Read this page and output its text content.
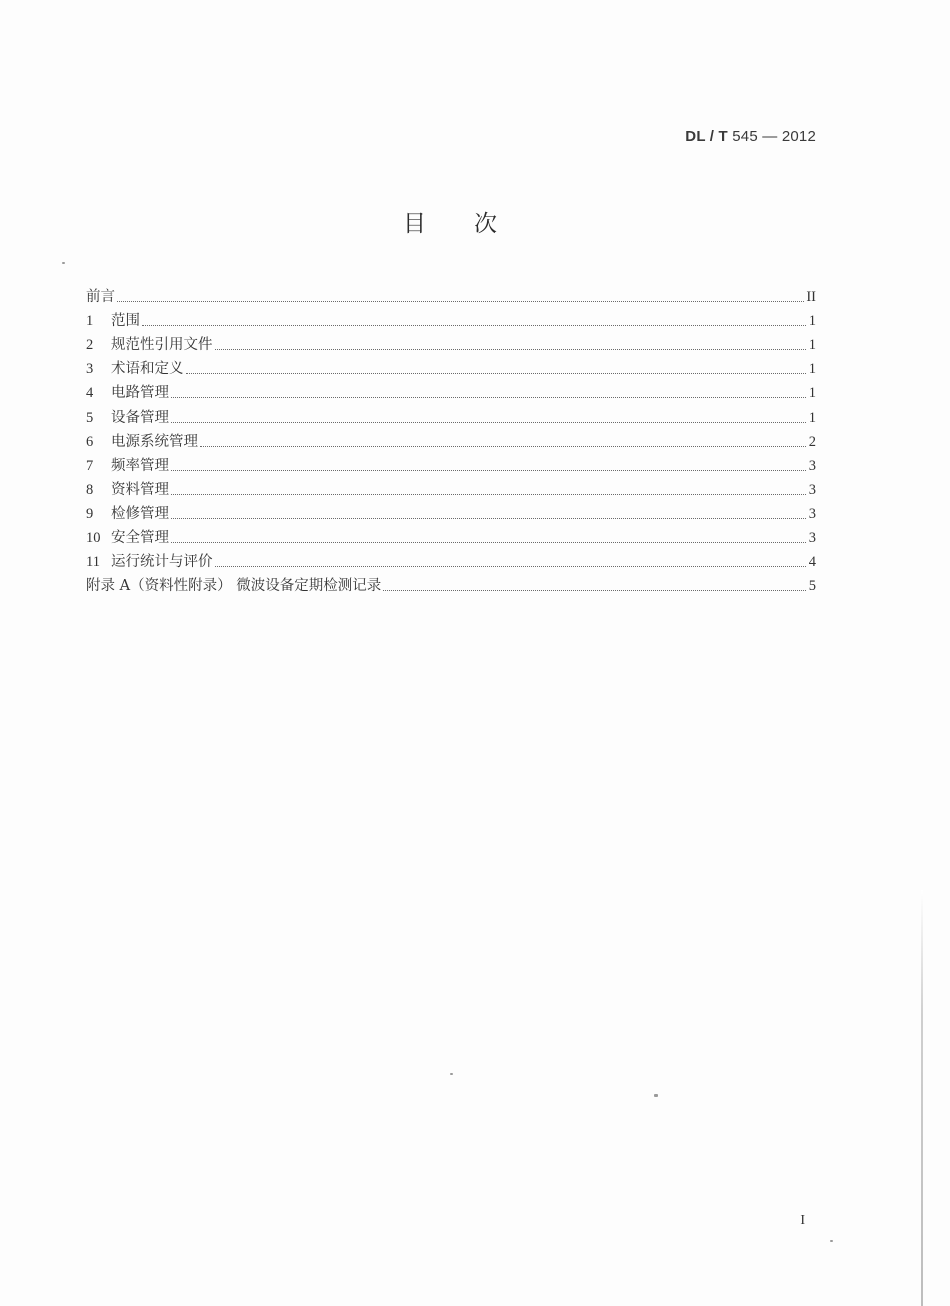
DL / T 545 — 2012
目次
前言	II
1	范围	1
2	规范性引用文件	1
3	术语和定义	1
4	电路管理	1
5	设备管理	1
6	电源系统管理	2
7	频率管理	3
8	资料管理	3
9	检修管理	3
10 安全管理	3
11 运行统计与评价	4
附录 A（资料性附录） 微波设备定期检测记录	5
I
